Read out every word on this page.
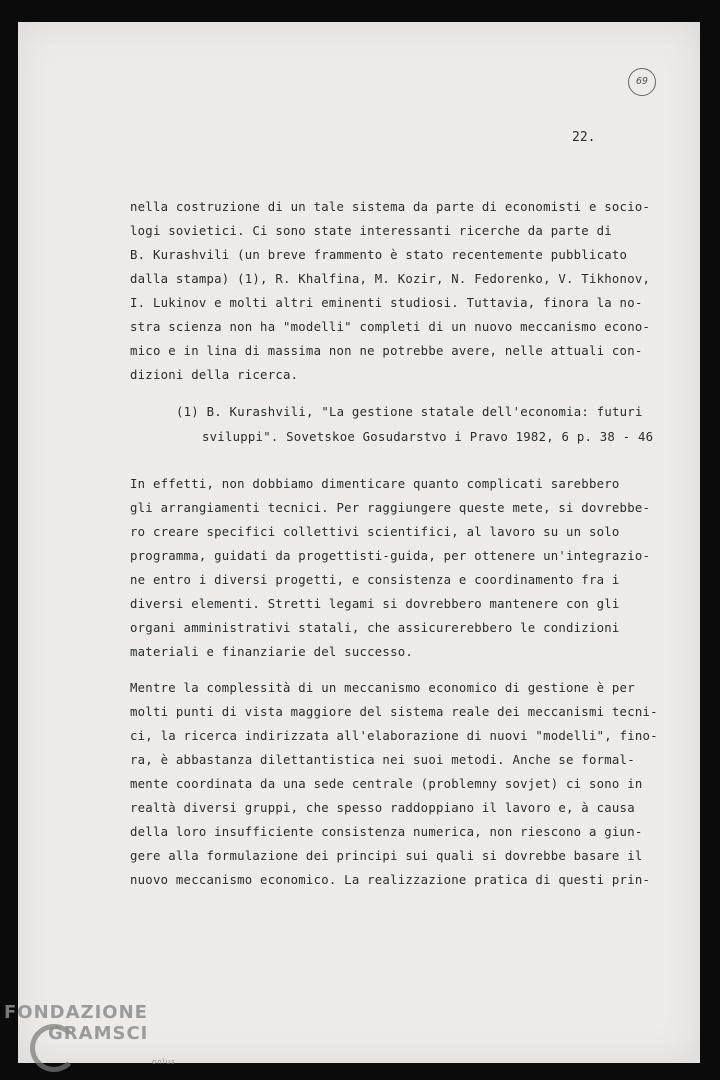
69
22.
nella costruzione di un tale sistema da parte di economisti e socio-
logi sovietici. Ci sono state interessanti ricerche da parte di
B. Kurashvili (un breve frammento è stato recentemente pubblicato
dalla stampa) (1), R. Khalfina, M. Kozir, N. Fedorenko, V. Tikhonov,
I. Lukinov e molti altri eminenti studiosi. Tuttavia, finora la no-
stra scienza non ha "modelli" completi di un nuovo meccanismo econo-
mico e in lina di massima non ne potrebbe avere, nelle attuali con-
dizioni della ricerca.
(1) B. Kurashvili, "La gestione statale dell'economia: futuri
sviluppi". Sovetskoe Gosudarstvo i Pravo 1982, 6 p. 38 - 46
In effetti, non dobbiamo dimenticare quanto complicati sarebbero
gli arrangiamenti tecnici. Per raggiungere queste mete, si dovrebbe-
ro creare specifici collettivi scientifici, al lavoro su un solo
programma, guidati da progettisti-guida, per ottenere un'integrazio-
ne entro i diversi progetti, e consistenza e coordinamento fra i
diversi elementi. Stretti legami si dovrebbero mantenere con gli
organi amministrativi statali, che assicurerebbero le condizioni
materiali e finanziarie del successo.
Mentre la complessità di un meccanismo economico di gestione è per
molti punti di vista maggiore del sistema reale dei meccanismi tecni-
ci, la ricerca indirizzata all'elaborazione di nuovi "modelli", fino-
ra, è abbastanza dilettantistica nei suoi metodi. Anche se formal-
mente coordinata da una sede centrale (problemny sovjet) ci sono in
realtà diversi gruppi, che spesso raddoppiano il lavoro e, à causa
della loro insufficiente consistenza numerica, non riescono a giun-
gere alla formulazione dei principi sui quali si dovrebbe basare il
nuovo meccanismo economico. La realizzazione pratica di questi prin-
FONDAZIONE
GRAMSCI
onlus
